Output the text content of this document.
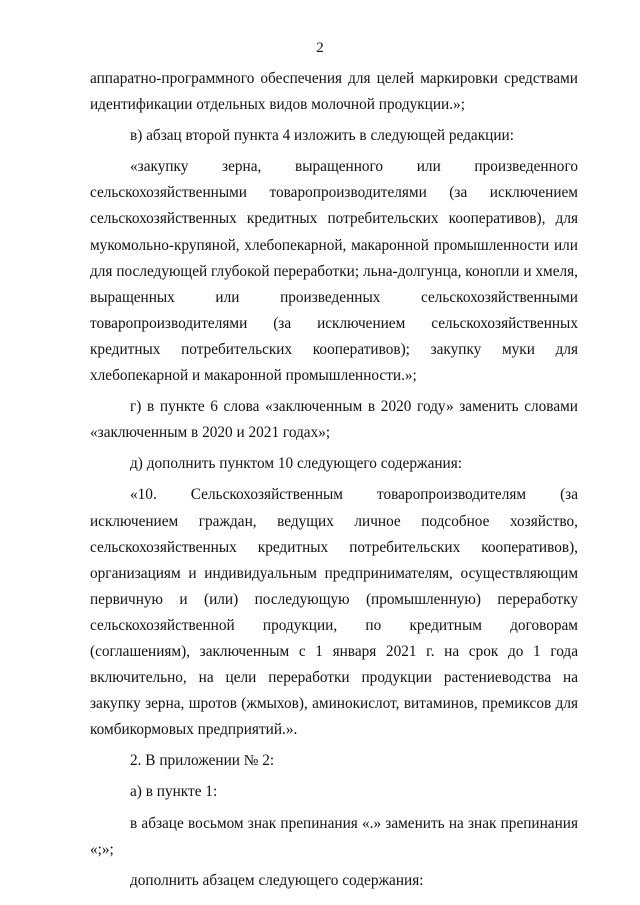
2

аппаратно-программного обеспечения для целей маркировки средствами идентификации отдельных видов молочной продукции.»;

в) абзац второй пункта 4 изложить в следующей редакции:

«закупку зерна, выращенного или произведенного сельскохозяйственными товаропроизводителями (за исключением сельскохозяйственных кредитных потребительских кооперативов), для мукомольно-крупяной, хлебопекарной, макаронной промышленности или для последующей глубокой переработки; льна-долгунца, конопли и хмеля, выращенных или произведенных сельскохозяйственными товаропроизводителями (за исключением сельскохозяйственных кредитных потребительских кооперативов); закупку муки для хлебопекарной и макаронной промышленности.»;

г) в пункте 6 слова «заключенным в 2020 году» заменить словами «заключенным в 2020 и 2021 годах»;

д) дополнить пунктом 10 следующего содержания:

«10. Сельскохозяйственным товаропроизводителям (за исключением граждан, ведущих личное подсобное хозяйство, сельскохозяйственных кредитных потребительских кооперативов), организациям и индивидуальным предпринимателям, осуществляющим первичную и (или) последующую (промышленную) переработку сельскохозяйственной продукции, по кредитным договорам (соглашениям), заключенным с 1 января 2021 г. на срок до 1 года включительно, на цели переработки продукции растениеводства на закупку зерна, шротов (жмыхов), аминокислот, витаминов, премиксов для комбикормовых предприятий.».

2. В приложении № 2:

а) в пункте 1:

в абзаце восьмом знак препинания «.» заменить на знак препинания «;»;

дополнить абзацем следующего содержания:
